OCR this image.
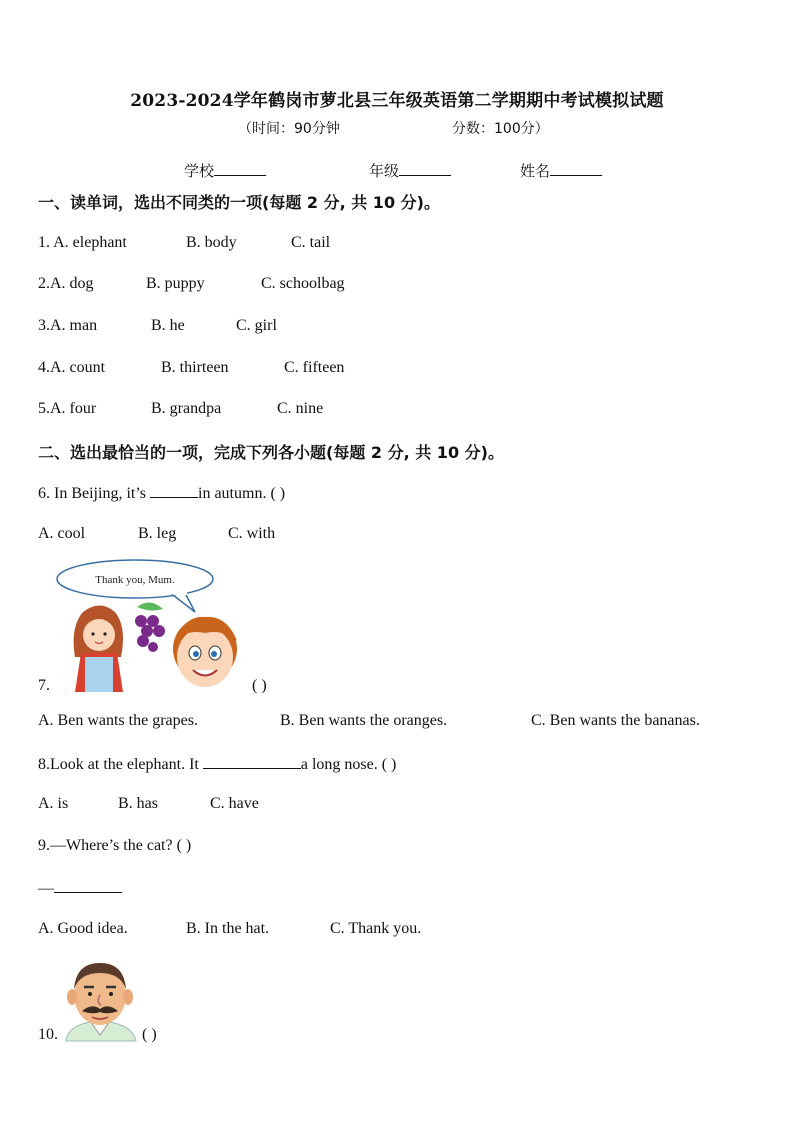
2023-2024学年鹤岗市萝北县三年级英语第二学期期中考试模拟试题
（时间：90分钟	分数：100分）
学校	年级	姓名
一、读单词，选出不同类的一项(每题 2 分, 共 10 分)。
1. A. elephant	B. body	C. tail
2.A. dog	B. puppy	C. schoolbag
3.A. man	B. he	C. girl
4.A. count	B. thirteen	C. fifteen
5.A. four	B. grandpa	C. nine
二、选出最恰当的一项，完成下列各小题(每题 2 分, 共 10 分)。
6. In Beijing, it’s	in autumn. ( )
A. cool	B. leg	C. with
Thank you, Mum.
7.	( )
A. Ben wants the grapes.	B. Ben wants the oranges.	C. Ben wants the bananas.
8.Look at the elephant. It	a long nose. ( )
A. is	B. has	C. have
9.—Where’s the cat? ( )
—
A. Good idea.	B. In the hat.	C. Thank you.
10.	( )
